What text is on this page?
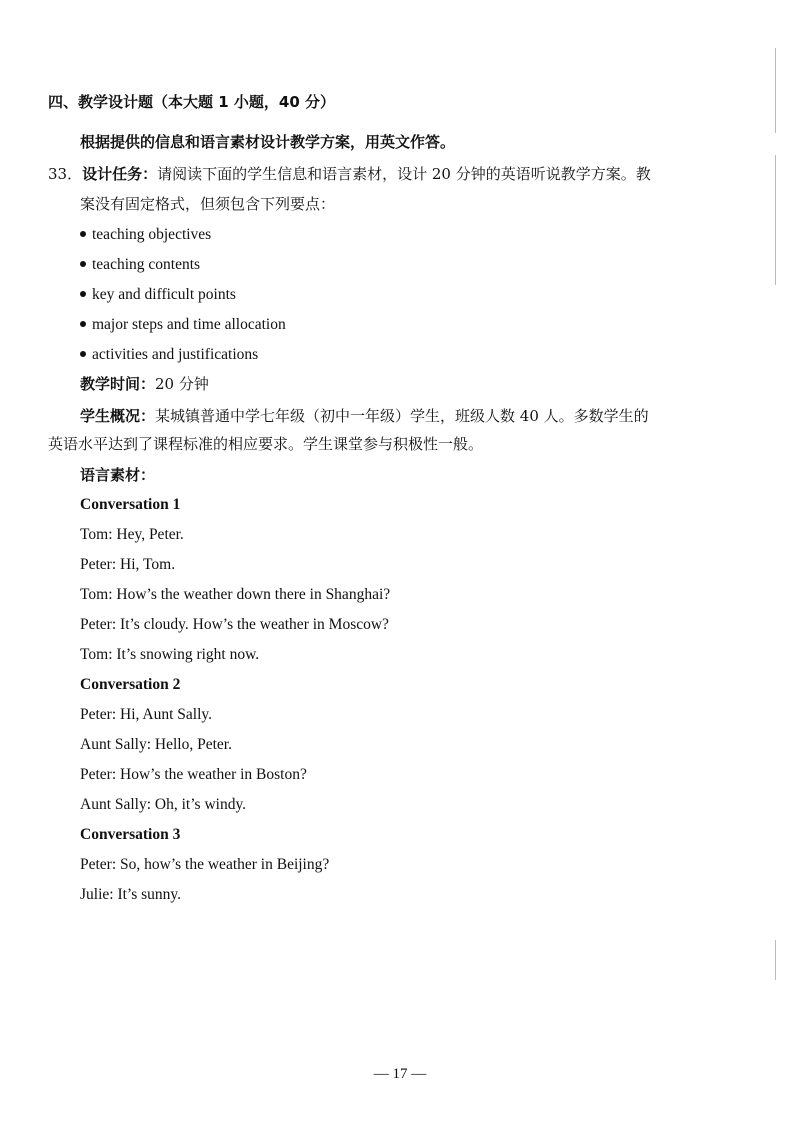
四、教学设计题（本大题 1 小题，40 分）
根据提供的信息和语言素材设计教学方案，用英文作答。
33．设计任务：请阅读下面的学生信息和语言素材，设计 20 分钟的英语听说教学方案。教
案没有固定格式，但须包含下列要点：
teaching objectives
teaching contents
key and difficult points
major steps and time allocation
activities and justifications
教学时间：20 分钟
学生概况：某城镇普通中学七年级（初中一年级）学生，班级人数 40 人。多数学生的
英语水平达到了课程标准的相应要求。学生课堂参与积极性一般。
语言素材：
Conversation 1
Tom: Hey, Peter.
Peter: Hi, Tom.
Tom: How’s the weather down there in Shanghai?
Peter: It’s cloudy. How’s the weather in Moscow?
Tom: It’s snowing right now.
Conversation 2
Peter: Hi, Aunt Sally.
Aunt Sally: Hello, Peter.
Peter: How’s the weather in Boston?
Aunt Sally: Oh, it’s windy.
Conversation 3
Peter: So, how’s the weather in Beijing?
Julie: It’s sunny.
— 17 —
